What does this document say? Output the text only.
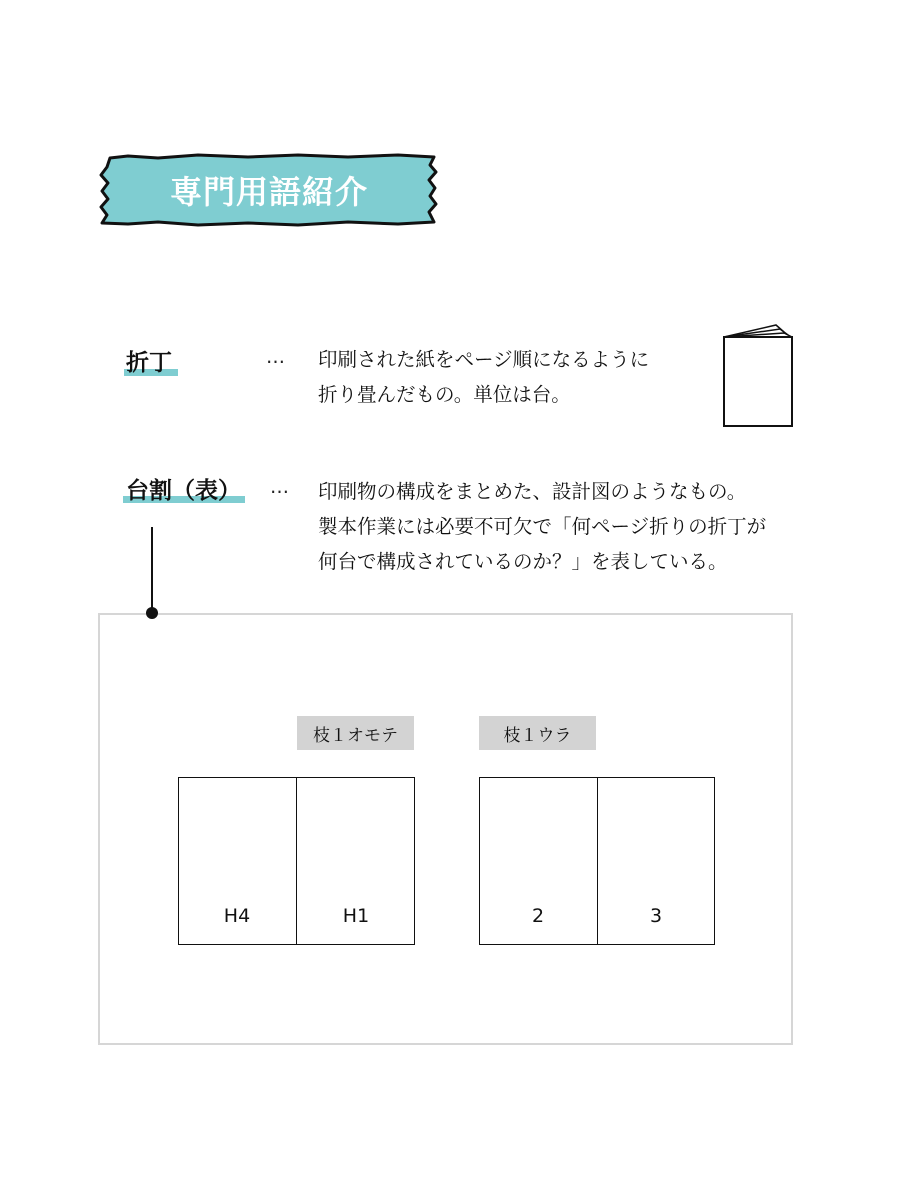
専門用語紹介
折丁	… 印刷された紙をページ順になるように
折り畳んだもの。単位は台。
台割（表） … 印刷物の構成をまとめた、設計図のようなもの。
製本作業には必要不可欠で「何ページ折りの折丁が
何台で構成されているのか？」を表している。
枝１オモテ	枝１ウラ
H4	H1	2	3
